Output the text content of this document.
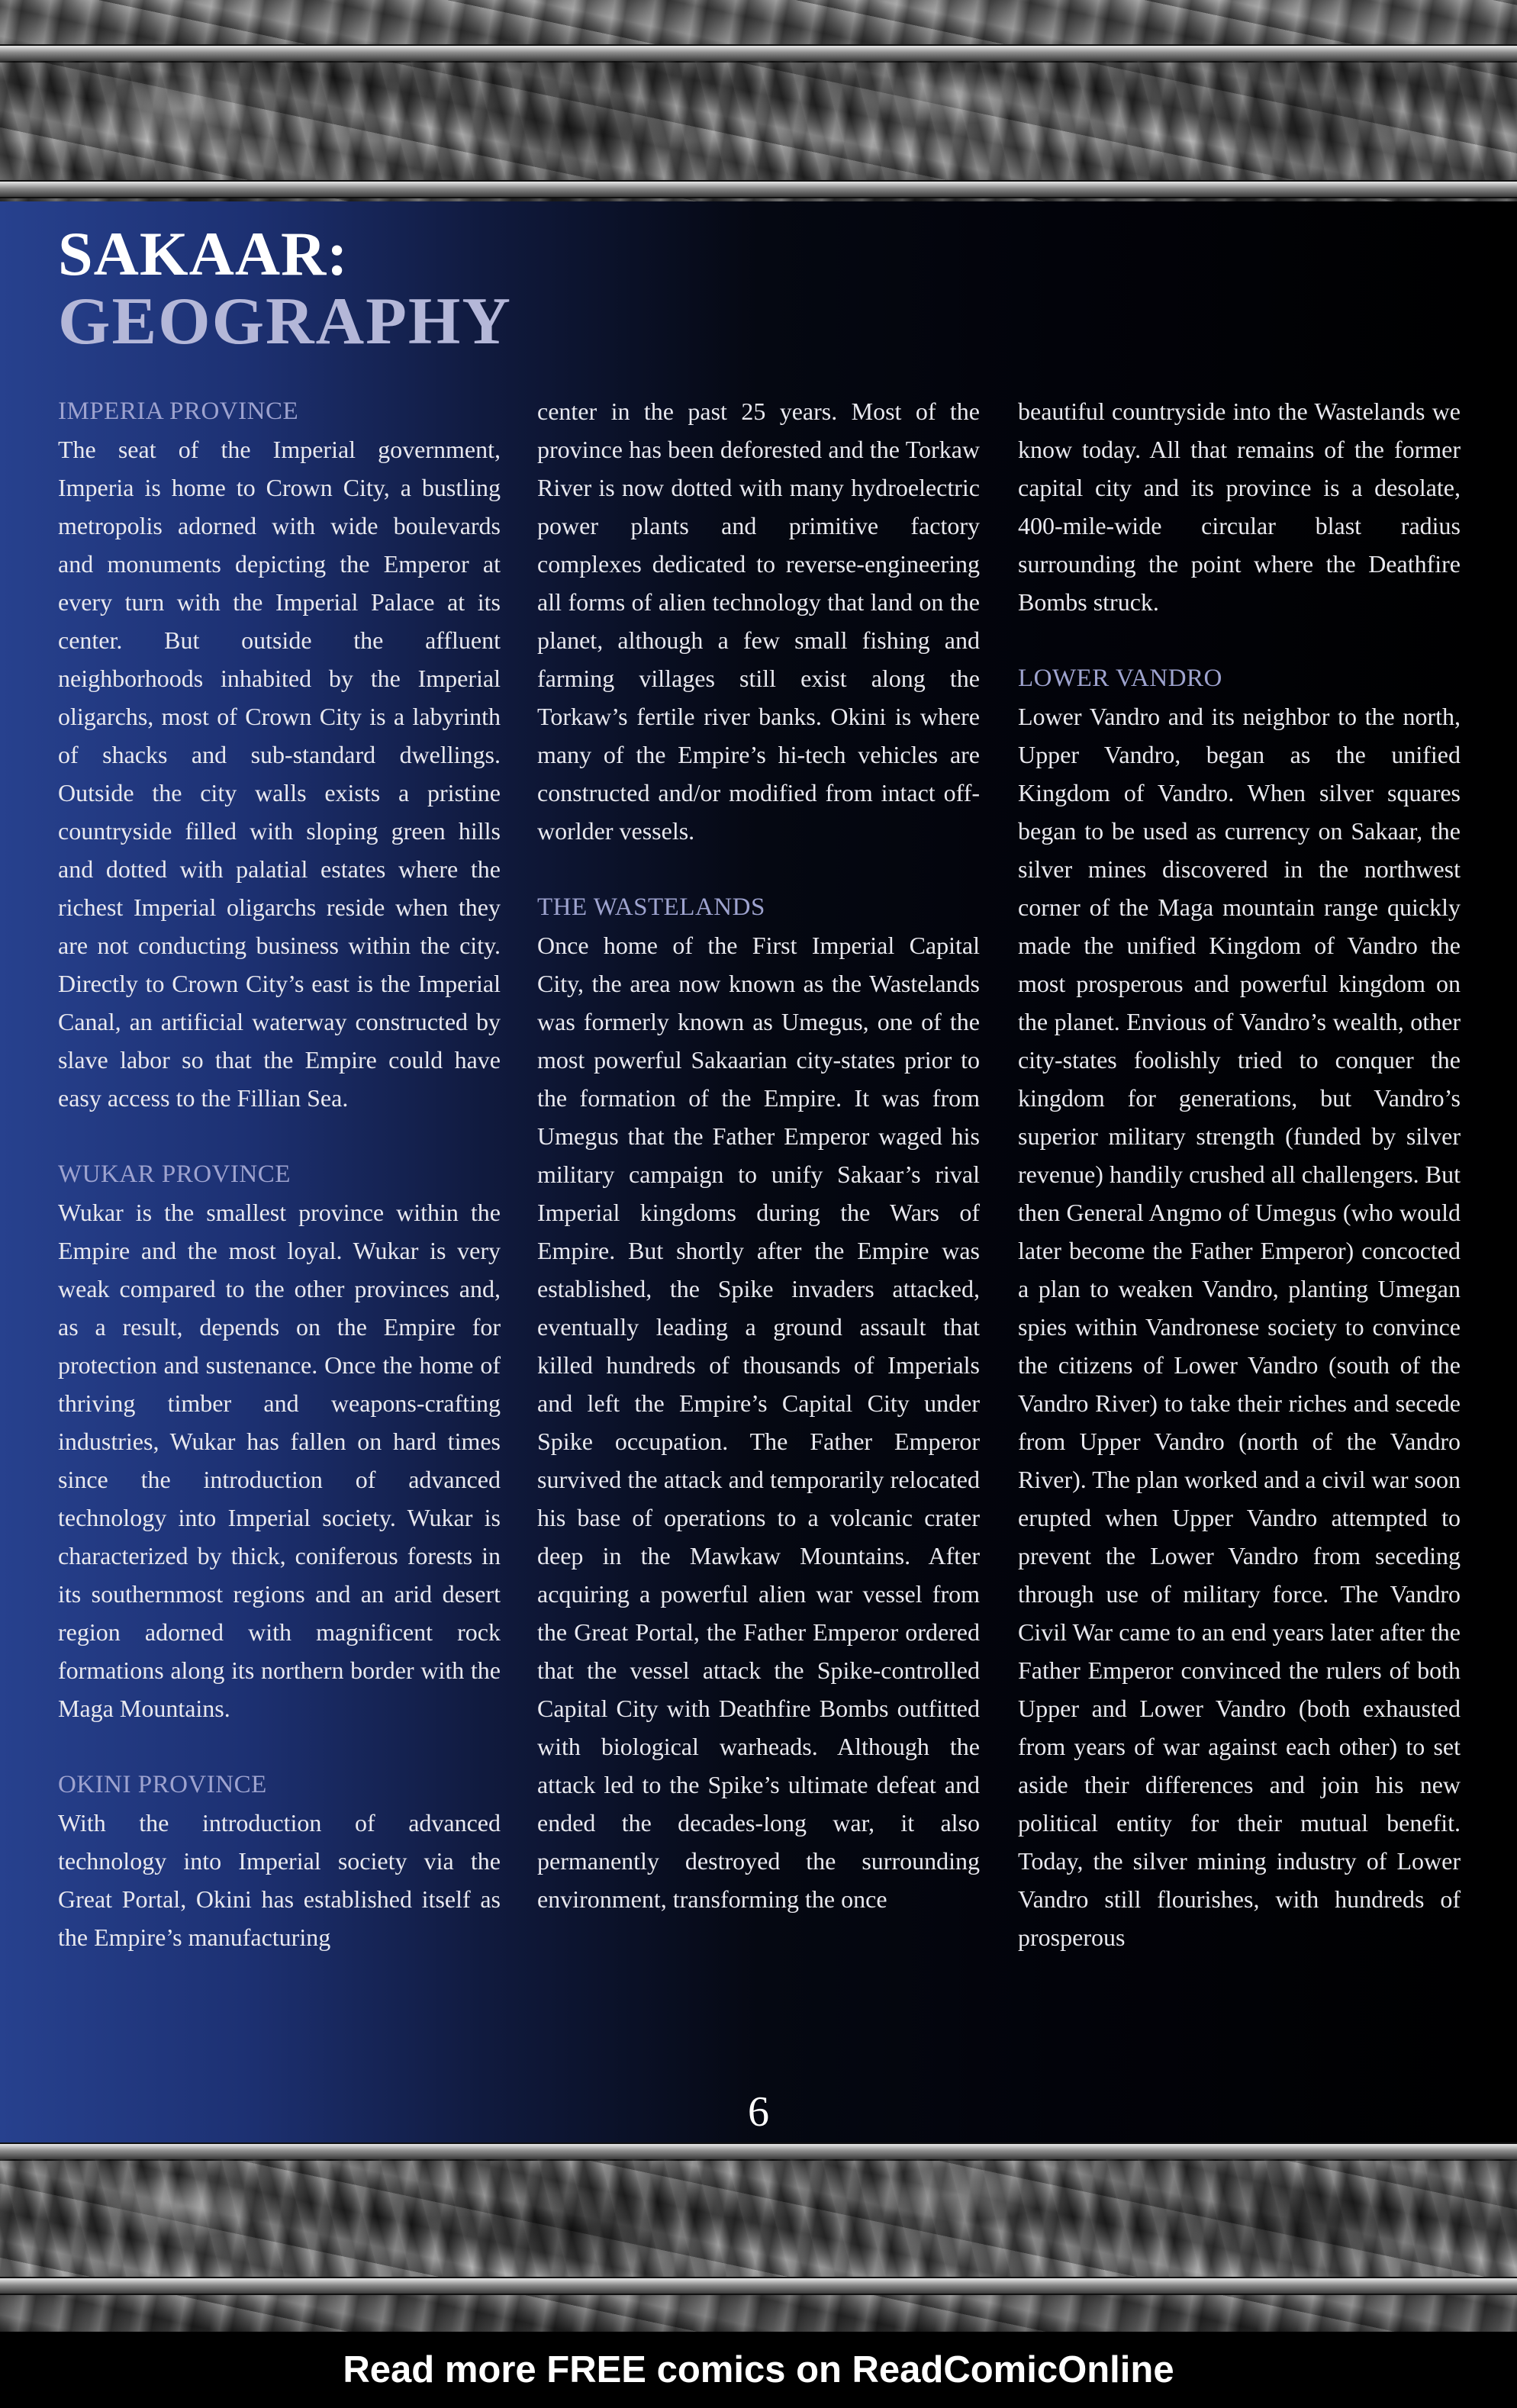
SAKAAR:
GEOGRAPHY
IMPERIA PROVINCE

The seat of the Imperial government, Imperia is home to Crown City, a bustling metropolis adorned with wide boulevards and monuments depicting the Emperor at every turn with the Imperial Palace at its center. But outside the affluent neighborhoods inhabited by the Imperial oligarchs, most of Crown City is a labyrinth of shacks and sub-standard dwellings. Outside the city walls exists a pristine countryside filled with sloping green hills and dotted with palatial estates where the richest Imperial oligarchs reside when they are not conducting business within the city. Directly to Crown City’s east is the Imperial Canal, an artificial waterway constructed by slave labor so that the Empire could have easy access to the Fillian Sea.

WUKAR PROVINCE

Wukar is the smallest province within the Empire and the most loyal. Wukar is very weak compared to the other provinces and, as a result, depends on the Empire for protection and sustenance. Once the home of thriving timber and weapons-crafting industries, Wukar has fallen on hard times since the introduction of advanced technology into Imperial society. Wukar is characterized by thick, coniferous forests in its southernmost regions and an arid desert region adorned with magnificent rock formations along its northern border with the Maga Mountains.

OKINI PROVINCE

With the introduction of advanced technology into Imperial society via the Great Portal, Okini has established itself as the Empire’s manufacturing

center in the past 25 years. Most of the province has been deforested and the Torkaw River is now dotted with many hydroelectric power plants and primitive factory complexes dedicated to reverse-engineering all forms of alien technology that land on the planet, although a few small fishing and farming villages still exist along the Torkaw’s fertile river banks. Okini is where many of the Empire’s hi-tech vehicles are constructed and/or modified from intact off-worlder vessels.

THE WASTELANDS

Once home of the First Imperial Capital City, the area now known as the Wastelands was formerly known as Umegus, one of the most powerful Sakaarian city-states prior to the formation of the Empire. It was from Umegus that the Father Emperor waged his military campaign to unify Sakaar’s rival Imperial kingdoms during the Wars of Empire. But shortly after the Empire was established, the Spike invaders attacked, eventually leading a ground assault that killed hundreds of thousands of Imperials and left the Empire’s Capital City under Spike occupation. The Father Emperor survived the attack and temporarily relocated his base of operations to a volcanic crater deep in the Mawkaw Mountains. After acquiring a powerful alien war vessel from the Great Portal, the Father Emperor ordered that the vessel attack the Spike-controlled Capital City with Deathfire Bombs outfitted with biological warheads. Although the attack led to the Spike’s ultimate defeat and ended the decades-long war, it also permanently destroyed the surrounding environment, transforming the once

beautiful countryside into the Wastelands we know today. All that remains of the former capital city and its province is a desolate, 400-mile-wide circular blast radius surrounding the point where the Deathfire Bombs struck.

LOWER VANDRO

Lower Vandro and its neighbor to the north, Upper Vandro, began as the unified Kingdom of Vandro. When silver squares began to be used as currency on Sakaar, the silver mines discovered in the northwest corner of the Maga mountain range quickly made the unified Kingdom of Vandro the most prosperous and powerful kingdom on the planet. Envious of Vandro’s wealth, other city-states foolishly tried to conquer the kingdom for generations, but Vandro’s superior military strength (funded by silver revenue) handily crushed all challengers. But then General Angmo of Umegus (who would later become the Father Emperor) concocted a plan to weaken Vandro, planting Umegan spies within Vandronese society to convince the citizens of Lower Vandro (south of the Vandro River) to take their riches and secede from Upper Vandro (north of the Vandro River). The plan worked and a civil war soon erupted when Upper Vandro attempted to prevent the Lower Vandro from seceding through use of military force. The Vandro Civil War came to an end years later after the Father Emperor convinced the rulers of both Upper and Lower Vandro (both exhausted from years of war against each other) to set aside their differences and join his new political entity for their mutual benefit. Today, the silver mining industry of Lower Vandro still flourishes, with hundreds of prosperous

6
Read more FREE comics on ReadComicOnline
